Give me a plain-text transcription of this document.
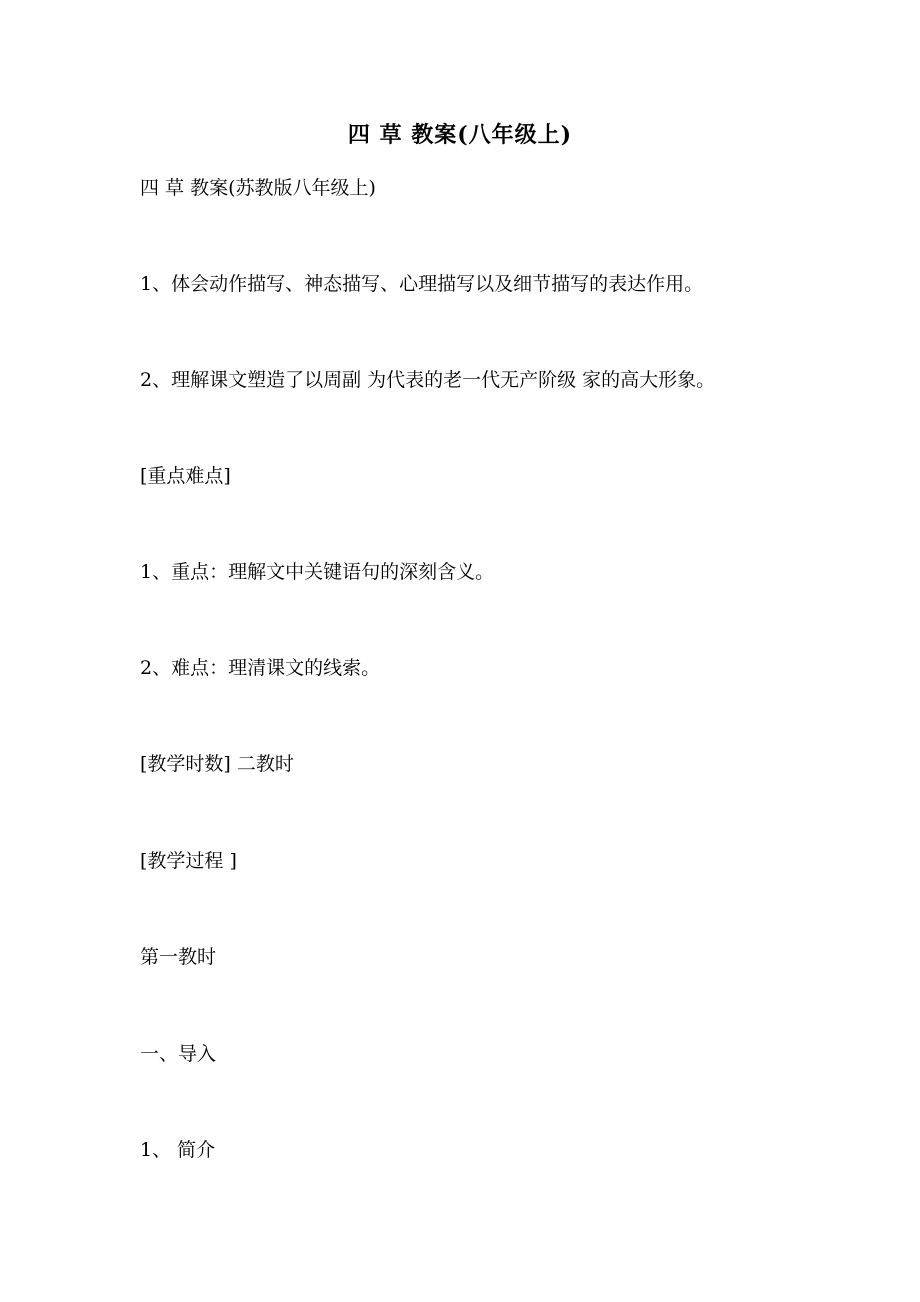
四 草 教案(八年级上)
四 草 教案(苏教版八年级上)
1、体会动作描写、神态描写、心理描写以及细节描写的表达作用。
2、理解课文塑造了以周副 为代表的老一代无产阶级 家的高大形象。
[重点难点]
1、重点：理解文中关键语句的深刻含义。
2、难点：理清课文的线索。
[教学时数] 二教时
[教学过程 ]
第一教时
一、导入
1、 简介
